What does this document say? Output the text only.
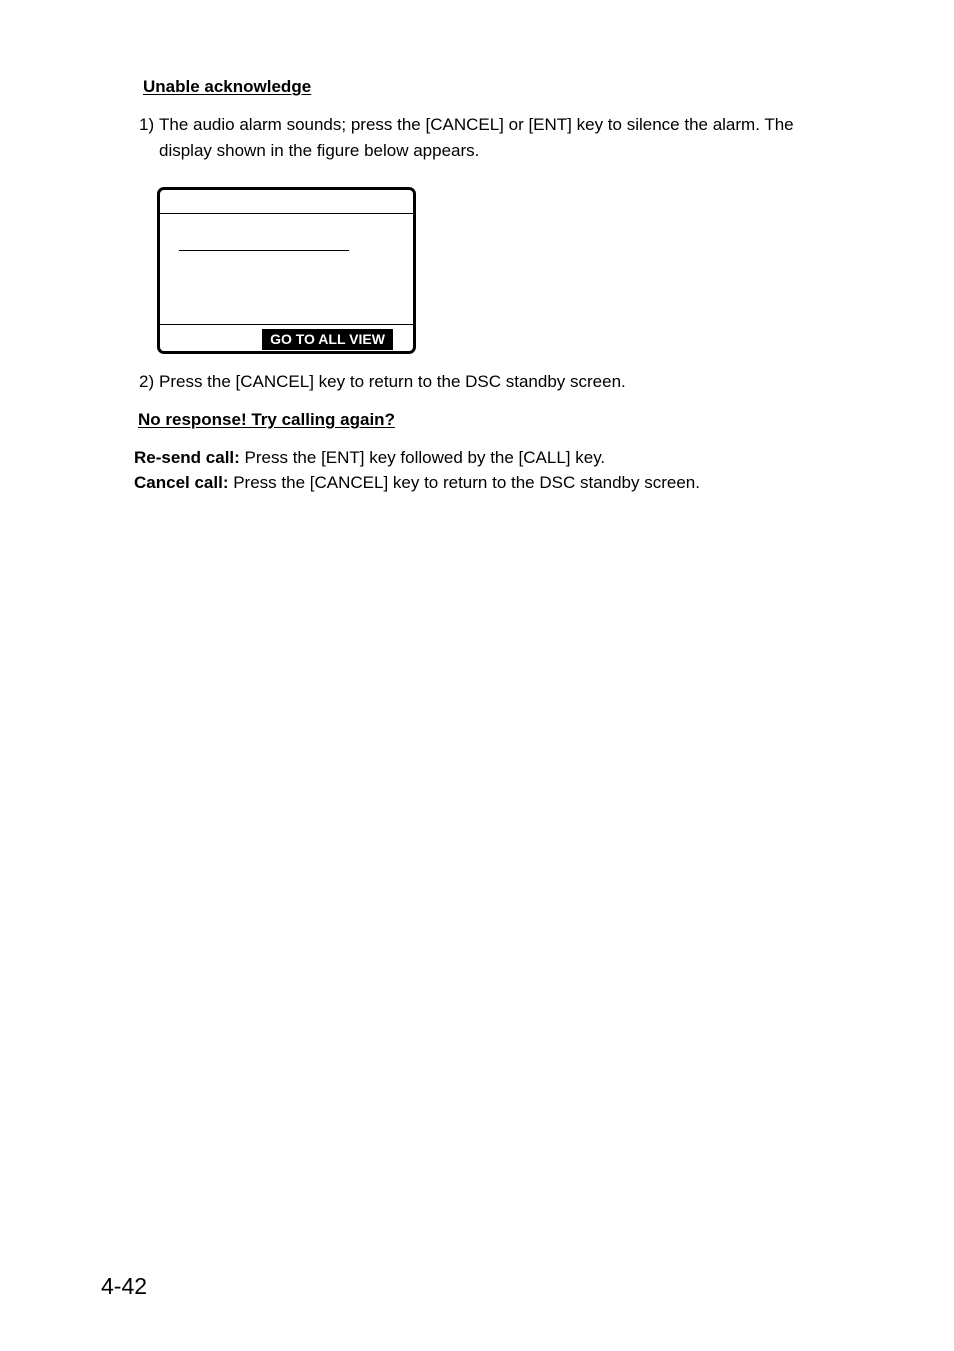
Unable acknowledge
1) The audio alarm sounds; press the [CANCEL] or [ENT] key to silence the alarm. The
display shown in the figure below appears.
GO TO ALL VIEW
2) Press the [CANCEL] key to return to the DSC standby screen.
No response! Try calling again?
Re-send call: Press the [ENT] key followed by the [CALL] key.
Cancel call: Press the [CANCEL] key to return to the DSC standby screen.
4-42
